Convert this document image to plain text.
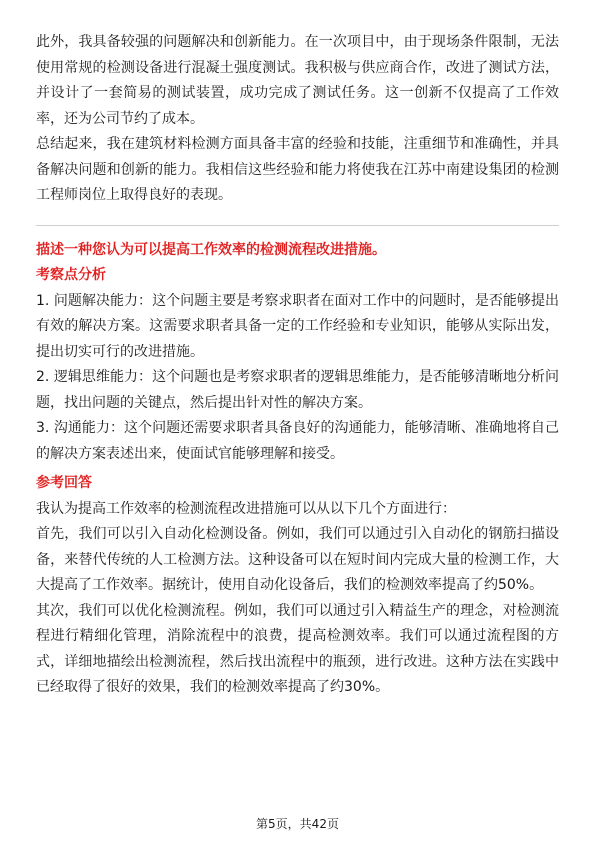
此外，我具备较强的问题解决和创新能力。在一次项目中，由于现场条件限制，无法使用常规的检测设备进行混凝土强度测试。我积极与供应商合作，改进了测试方法，并设计了一套简易的测试装置，成功完成了测试任务。这一创新不仅提高了工作效率，还为公司节约了成本。

总结起来，我在建筑材料检测方面具备丰富的经验和技能，注重细节和准确性，并具备解决问题和创新的能力。我相信这些经验和能力将使我在江苏中南建设集团的检测工程师岗位上取得良好的表现。

描述一种您认为可以提高工作效率的检测流程改进措施。

考察点分析

1. 问题解决能力：这个问题主要是考察求职者在面对工作中的问题时，是否能够提出有效的解决方案。这需要求职者具备一定的工作经验和专业知识，能够从实际出发，提出切实可行的改进措施。

2. 逻辑思维能力：这个问题也是考察求职者的逻辑思维能力，是否能够清晰地分析问题，找出问题的关键点，然后提出针对性的解决方案。

3. 沟通能力：这个问题还需要求职者具备良好的沟通能力，能够清晰、准确地将自己的解决方案表述出来，使面试官能够理解和接受。

参考回答

我认为提高工作效率的检测流程改进措施可以从以下几个方面进行：

首先，我们可以引入自动化检测设备。例如，我们可以通过引入自动化的钢筋扫描设备，来替代传统的人工检测方法。这种设备可以在短时间内完成大量的检测工作，大大提高了工作效率。据统计，使用自动化设备后，我们的检测效率提高了约50%。

其次，我们可以优化检测流程。例如，我们可以通过引入精益生产的理念，对检测流程进行精细化管理，消除流程中的浪费，提高检测效率。我们可以通过流程图的方式，详细地描绘出检测流程，然后找出流程中的瓶颈，进行改进。这种方法在实践中已经取得了很好的效果，我们的检测效率提高了约30%。

第5页，共42页
